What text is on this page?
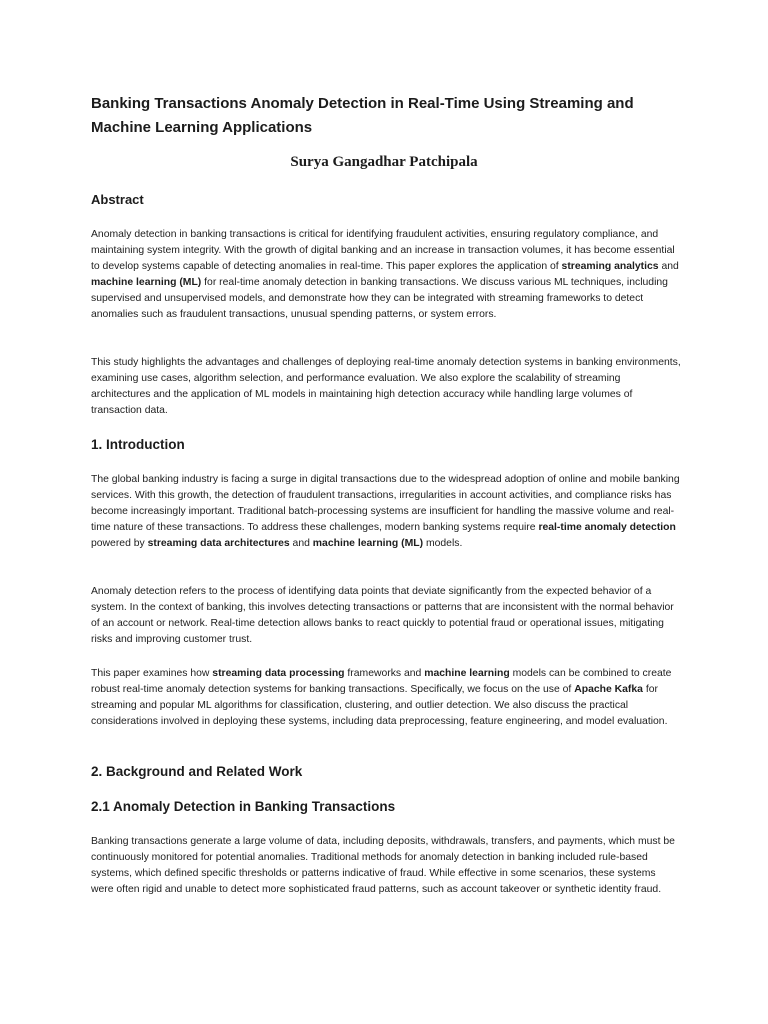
Banking Transactions Anomaly Detection in Real-Time Using Streaming and Machine Learning Applications
Surya Gangadhar Patchipala
Abstract

Anomaly detection in banking transactions is critical for identifying fraudulent activities, ensuring regulatory compliance, and maintaining system integrity. With the growth of digital banking and an increase in transaction volumes, it has become essential to develop systems capable of detecting anomalies in real-time. This paper explores the application of streaming analytics and machine learning (ML) for real-time anomaly detection in banking transactions. We discuss various ML techniques, including supervised and unsupervised models, and demonstrate how they can be integrated with streaming frameworks to detect anomalies such as fraudulent transactions, unusual spending patterns, or system errors.

This study highlights the advantages and challenges of deploying real-time anomaly detection systems in banking environments, examining use cases, algorithm selection, and performance evaluation. We also explore the scalability of streaming architectures and the application of ML models in maintaining high detection accuracy while handling large volumes of transaction data.

1. Introduction

The global banking industry is facing a surge in digital transactions due to the widespread adoption of online and mobile banking services. With this growth, the detection of fraudulent transactions, irregularities in account activities, and compliance risks has become increasingly important. Traditional batch-processing systems are insufficient for handling the massive volume and real-time nature of these transactions. To address these challenges, modern banking systems require real-time anomaly detection powered by streaming data architectures and machine learning (ML) models.

Anomaly detection refers to the process of identifying data points that deviate significantly from the expected behavior of a system. In the context of banking, this involves detecting transactions or patterns that are inconsistent with the normal behavior of an account or network. Real-time detection allows banks to react quickly to potential fraud or operational issues, mitigating risks and improving customer trust.

This paper examines how streaming data processing frameworks and machine learning models can be combined to create robust real-time anomaly detection systems for banking transactions. Specifically, we focus on the use of Apache Kafka for streaming and popular ML algorithms for classification, clustering, and outlier detection. We also discuss the practical considerations involved in deploying these systems, including data preprocessing, feature engineering, and model evaluation.

2. Background and Related Work
2.1 Anomaly Detection in Banking Transactions

Banking transactions generate a large volume of data, including deposits, withdrawals, transfers, and payments, which must be continuously monitored for potential anomalies. Traditional methods for anomaly detection in banking included rule-based systems, which defined specific thresholds or patterns indicative of fraud. While effective in some scenarios, these systems were often rigid and unable to detect more sophisticated fraud patterns, such as account takeover or synthetic identity fraud.
